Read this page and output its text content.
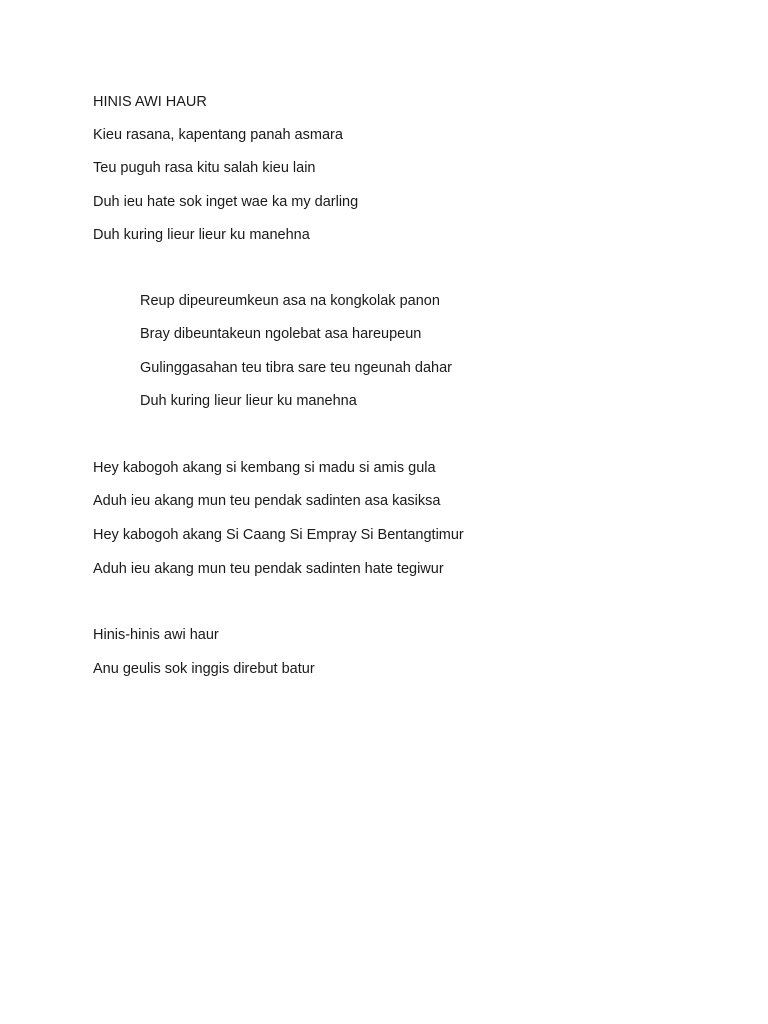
HINIS AWI HAUR

Kieu rasana, kapentang panah asmara

Teu puguh rasa kitu salah kieu lain

Duh ieu hate sok inget wae ka my darling

Duh kuring lieur lieur ku manehna

Reup dipeureumkeun asa na kongkolak panon

Bray dibeuntakeun ngolebat asa hareupeun

Gulinggasahan teu tibra sare teu ngeunah dahar

Duh kuring lieur lieur ku manehna

Hey kabogoh akang si kembang si madu si amis gula

Aduh ieu akang mun teu pendak sadinten asa kasiksa

Hey kabogoh akang Si Caang Si Empray Si Bentangtimur

Aduh ieu akang mun teu pendak sadinten hate tegiwur

Hinis-hinis awi haur

Anu geulis sok inggis direbut batur
